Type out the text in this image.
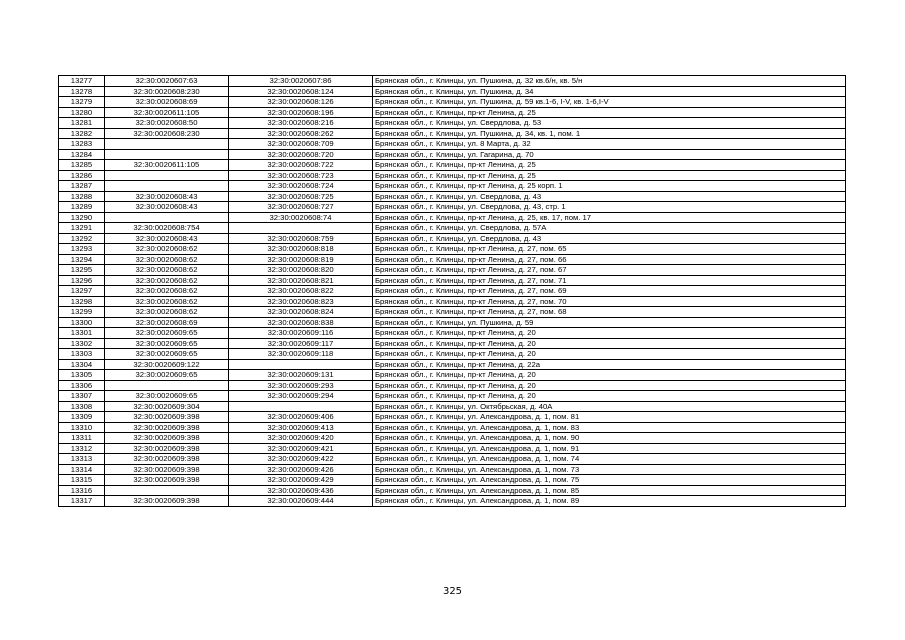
13277	32:30:0020607:63	32:30:0020607:86	Брянская обл., г. Клинцы, ул. Пушкина, д. 32 кв.6/н, кв. 5/н
13278	32:30:0020608:230	32:30:0020608:124	Брянская обл., г. Клинцы, ул. Пушкина, д. 34
13279	32:30:0020608:69	32:30:0020608:126	Брянская обл., г. Клинцы, ул. Пушкина, д. 59 кв.1-6, I-V, кв. 1-6,I-V
13280	32:30:0020611:105	32:30:0020608:196	Брянская обл., г. Клинцы, пр-кт Ленина, д. 25
13281	32:30:0020608:50	32:30:0020608:216	Брянская обл., г. Клинцы, ул. Свердлова, д. 53
13282	32:30:0020608:230	32:30:0020608:262	Брянская обл., г. Клинцы, ул. Пушкина, д. 34, кв. 1, пом. 1
13283		32:30:0020608:709	Брянская обл., г. Клинцы, ул. 8 Марта, д. 32
13284		32:30:0020608:720	Брянская обл., г. Клинцы, ул. Гагарина, д. 70
13285	32:30:0020611:105	32:30:0020608:722	Брянская обл., г. Клинцы, пр-кт Ленина, д. 25
13286		32:30:0020608:723	Брянская обл., г. Клинцы, пр-кт Ленина, д. 25
13287		32:30:0020608:724	Брянская обл., г. Клинцы, пр-кт Ленина, д. 25 корп. 1
13288	32:30:0020608:43	32:30:0020608:725	Брянская обл., г. Клинцы, ул. Свердлова, д. 43
13289	32:30:0020608:43	32:30:0020608:727	Брянская обл., г. Клинцы, ул. Свердлова, д. 43, стр. 1
13290		32:30:0020608:74	Брянская обл., г. Клинцы, пр-кт Ленина, д. 25, кв. 17, пом. 17
13291	32:30:0020608:754		Брянская обл., г. Клинцы, ул. Свердлова, д. 57А
13292	32:30:0020608:43	32:30:0020608:759	Брянская обл., г. Клинцы, ул. Свердлова, д. 43
13293	32:30:0020608:62	32:30:0020608:818	Брянская обл., г. Клинцы, пр-кт Ленина, д. 27, пом. 65
13294	32:30:0020608:62	32:30:0020608:819	Брянская обл., г. Клинцы, пр-кт Ленина, д. 27, пом. 66
13295	32:30:0020608:62	32:30:0020608:820	Брянская обл., г. Клинцы, пр-кт Ленина, д. 27, пом. 67
13296	32:30:0020608:62	32:30:0020608:821	Брянская обл., г. Клинцы, пр-кт Ленина, д. 27, пом. 71
13297	32:30:0020608:62	32:30:0020608:822	Брянская обл., г. Клинцы, пр-кт Ленина, д. 27, пом. 69
13298	32:30:0020608:62	32:30:0020608:823	Брянская обл., г. Клинцы, пр-кт Ленина, д. 27, пом. 70
13299	32:30:0020608:62	32:30:0020608:824	Брянская обл., г. Клинцы, пр-кт Ленина, д. 27, пом. 68
13300	32:30:0020608:69	32:30:0020608:838	Брянская обл., г. Клинцы, ул. Пушкина, д. 59
13301	32:30:0020609:65	32:30:0020609:116	Брянская обл., г. Клинцы, пр-кт Ленина, д. 20
13302	32:30:0020609:65	32:30:0020609:117	Брянская обл., г. Клинцы, пр-кт Ленина, д. 20
13303	32:30:0020609:65	32:30:0020609:118	Брянская обл., г. Клинцы, пр-кт Ленина, д. 20
13304	32:30:0020609:122		Брянская обл., г. Клинцы, пр-кт Ленина, д. 22а
13305	32:30:0020609:65	32:30:0020609:131	Брянская обл., г. Клинцы, пр-кт Ленина, д. 20
13306		32:30:0020609:293	Брянская обл., г. Клинцы, пр-кт Ленина, д. 20
13307	32:30:0020609:65	32:30:0020609:294	Брянская обл., г. Клинцы, пр-кт Ленина, д. 20
13308	32:30:0020609:304		Брянская обл., г. Клинцы, ул. Октябрьская, д. 40А
13309	32:30:0020609:398	32:30:0020609:406	Брянская обл., г. Клинцы, ул. Александрова, д. 1, пом. 81
13310	32:30:0020609:398	32:30:0020609:413	Брянская обл., г. Клинцы, ул. Александрова, д. 1, пом. 83
13311	32:30:0020609:398	32:30:0020609:420	Брянская обл., г. Клинцы, ул. Александрова, д. 1, пом. 90
13312	32:30:0020609:398	32:30:0020609:421	Брянская обл., г. Клинцы, ул. Александрова, д. 1, пом. 91
13313	32:30:0020609:398	32:30:0020609:422	Брянская обл., г. Клинцы, ул. Александрова, д. 1, пом. 74
13314	32:30:0020609:398	32:30:0020609:426	Брянская обл., г. Клинцы, ул. Александрова, д. 1, пом. 73
13315	32:30:0020609:398	32:30:0020609:429	Брянская обл., г. Клинцы, ул. Александрова, д. 1, пом. 75
13316		32:30:0020609:436	Брянская обл., г. Клинцы, ул. Александрова, д. 1, пом. 85
13317	32:30:0020609:398	32:30:0020609:444	Брянская обл., г. Клинцы, ул. Александрова, д. 1, пом. 89
325
